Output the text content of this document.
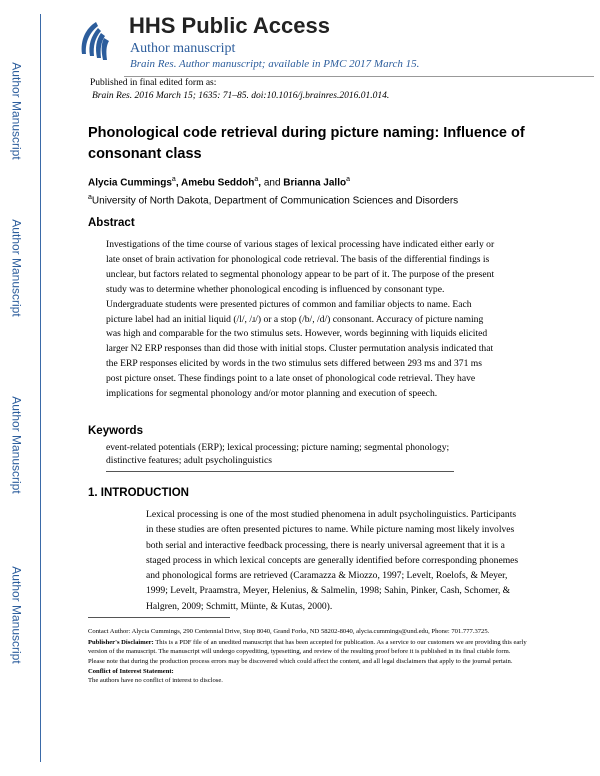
Author Manuscript
Author Manuscript
Author Manuscript
Author Manuscript
HHS Public Access
Author manuscript
Brain Res. Author manuscript; available in PMC 2017 March 15.
Published in final edited form as:
Brain Res. 2016 March 15; 1635: 71–85. doi:10.1016/j.brainres.2016.01.014.
Phonological code retrieval during picture naming: Influence of consonant class
Alycia Cummings$^a$, Amebu Seddoh$^a$, and Brianna Jallo$^a$
$^a$University of North Dakota, Department of Communication Sciences and Disorders
Abstract
Investigations of the time course of various stages of lexical processing have indicated either early or late onset of brain activation for phonological code retrieval. The basis of the differential findings is unclear, but factors related to segmental phonology appear to be part of it. The purpose of the present study was to determine whether phonological encoding is influenced by consonant type. Undergraduate students were presented pictures of common and familiar objects to name. Each picture label had an initial liquid (/l/, /ɹ/) or a stop (/b/, /d/) consonant. Accuracy of picture naming was high and comparable for the two stimulus sets. However, words beginning with liquids elicited larger N2 ERP responses than did those with initial stops. Cluster permutation analysis indicated that the ERP responses elicited by words in the two stimulus sets differed between 293 ms and 371 ms post picture onset. These findings point to a late onset of phonological code retrieval. They have implications for segmental phonology and/or motor planning and execution of speech.
Keywords
event-related potentials (ERP); lexical processing; picture naming; segmental phonology; distinctive features; adult psycholinguistics
1. INTRODUCTION
Lexical processing is one of the most studied phenomena in adult psycholinguistics. Participants in these studies are often presented pictures to name. While picture naming most likely involves both serial and interactive feedback processing, there is nearly universal agreement that it is a staged process in which lexical concepts are generally identified before corresponding phonemes and phonological forms are retrieved (Caramazza & Miozzo, 1997; Levelt, Roelofs, & Meyer, 1999; Levelt, Praamstra, Meyer, Helenius, & Salmelin, 1998; Sahin, Pinker, Cash, Schomer, & Halgren, 2009; Schmitt, Münte, & Kutas, 2000).

Contact Author: Alycia Cummings, 290 Centennial Drive, Stop 8040, Grand Forks, ND 58202-8040, alycia.cummings@und.edu, Phone: 701.777.3725.

Publisher's Disclaimer: This is a PDF file of an unedited manuscript that has been accepted for publication. As a service to our customers we are providing this early version of the manuscript. The manuscript will undergo copyediting, typesetting, and review of the resulting proof before it is published in its final citable form. Please note that during the production process errors may be discovered which could affect the content, and all legal disclaimers that apply to the journal pertain.

Conflict of Interest Statement:

The authors have no conflict of interest to disclose.
